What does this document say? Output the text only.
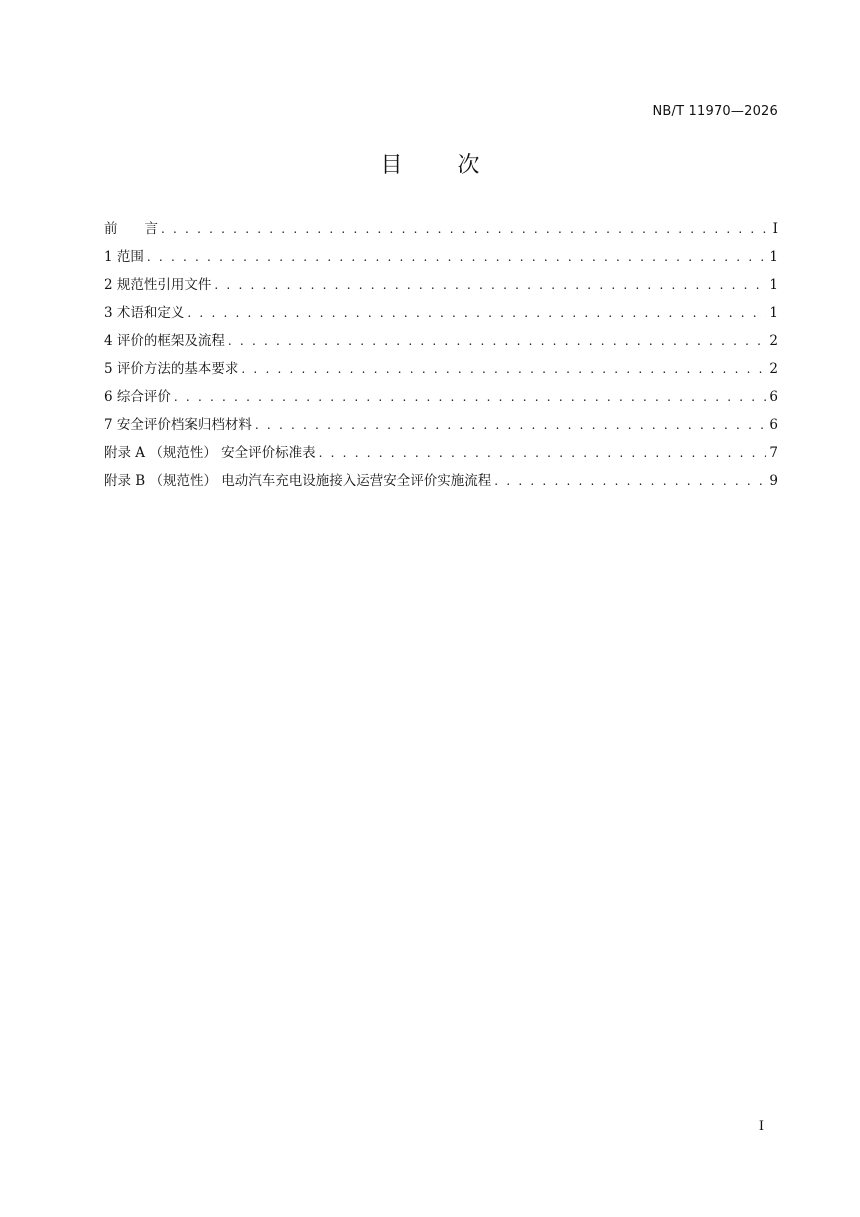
NB/T 11970—2026
目 次
前　　言 . . .	I
1 范围 . . .	1
2 规范性引用文件 . . .	1
3 术语和定义 . . .	1
4 评价的框架及流程 . . .	2
5 评价方法的基本要求 . . .	2
6 综合评价 . . .	6
7 安全评价档案归档材料 . . .	6
附录 A （规范性） 安全评价标准表 . . .	7
附录 B （规范性） 电动汽车充电设施接入运营安全评价实施流程 . . .	9
I
